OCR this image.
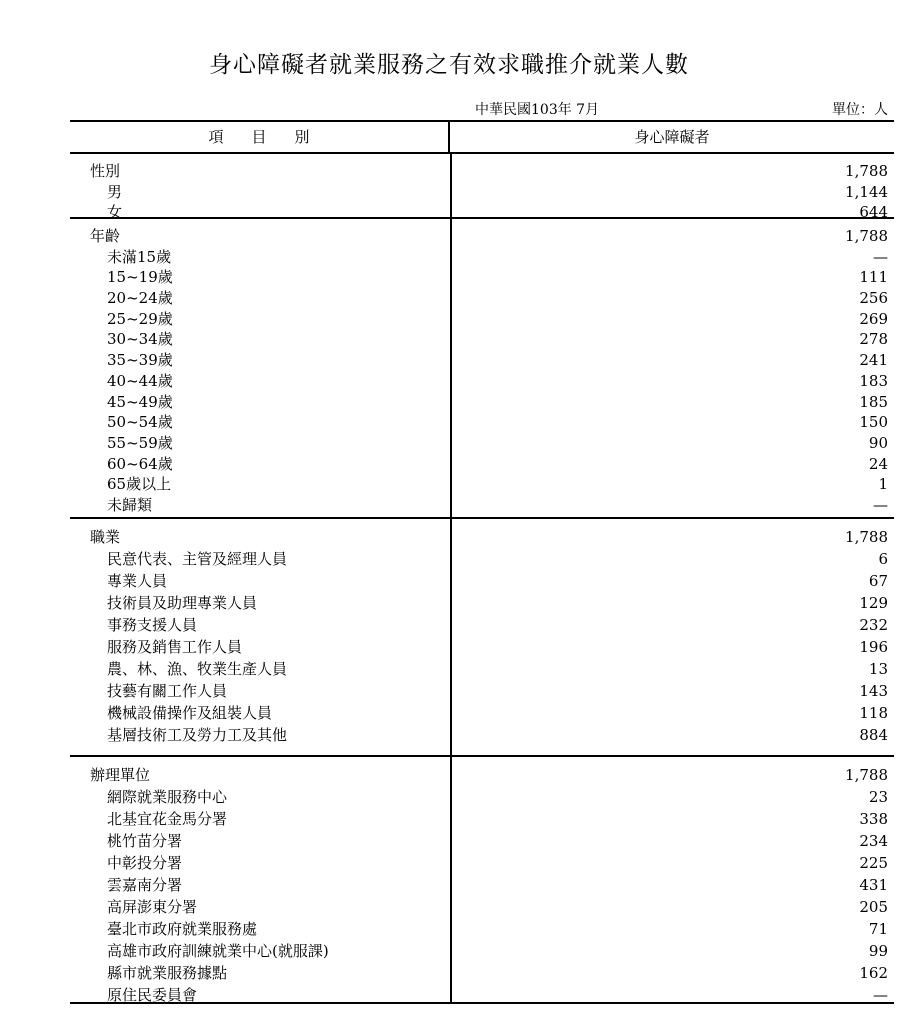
身心障礙者就業服務之有效求職推介就業人數
中華民國103年 7月	單位：人
項目別	身心障礙者
性別	1,788
男	1,144
女	644
年齡	1,788
未滿15歲	—
15~19歲	111
20~24歲	256
25~29歲	269
30~34歲	278
35~39歲	241
40~44歲	183
45~49歲	185
50~54歲	150
55~59歲	90
60~64歲	24
65歲以上	1
未歸類	—
職業	1,788
民意代表、主管及經理人員	6
專業人員	67
技術員及助理專業人員	129
事務支援人員	232
服務及銷售工作人員	196
農、林、漁、牧業生產人員	13
技藝有關工作人員	143
機械設備操作及組裝人員	118
基層技術工及勞力工及其他	884
辦理單位	1,788
網際就業服務中心	23
北基宜花金馬分署	338
桃竹苗分署	234
中彰投分署	225
雲嘉南分署	431
高屏澎東分署	205
臺北市政府就業服務處	71
高雄市政府訓練就業中心(就服課)	99
縣市就業服務據點	162
原住民委員會	—
